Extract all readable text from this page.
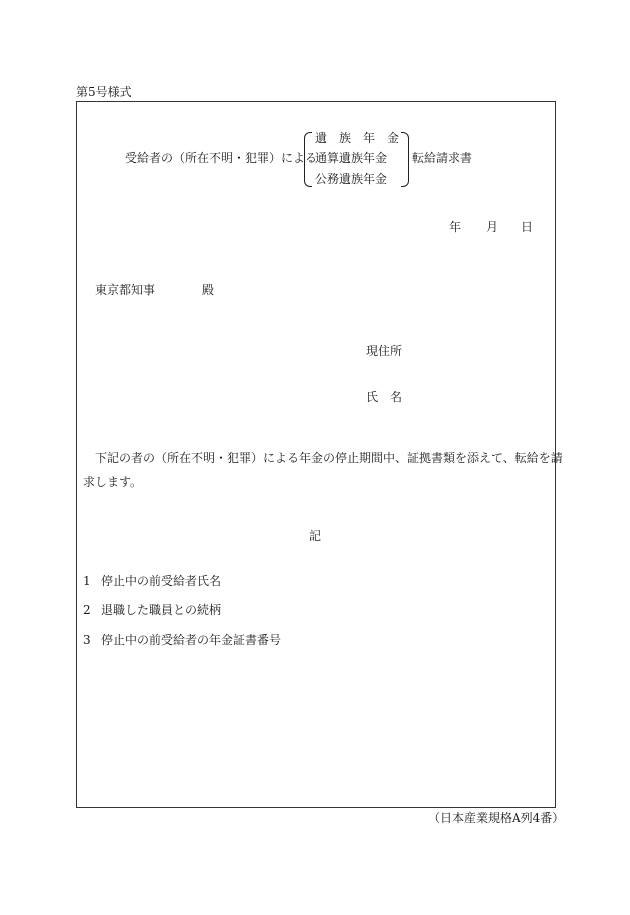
第5号様式
受給者の（所在不明・犯罪）による
遺　族　年　金
通算遺族年金
公務遺族年金
転給請求書
年 月 日
東京都知事	殿
現住所
氏　名
下記の者の（所在不明・犯罪）による年金の停止期間中、証拠書類を添えて、転給を請
求します。
記
1 停止中の前受給者氏名
2 退職した職員との続柄
3 停止中の前受給者の年金証書番号
（日本産業規格A列4番）
